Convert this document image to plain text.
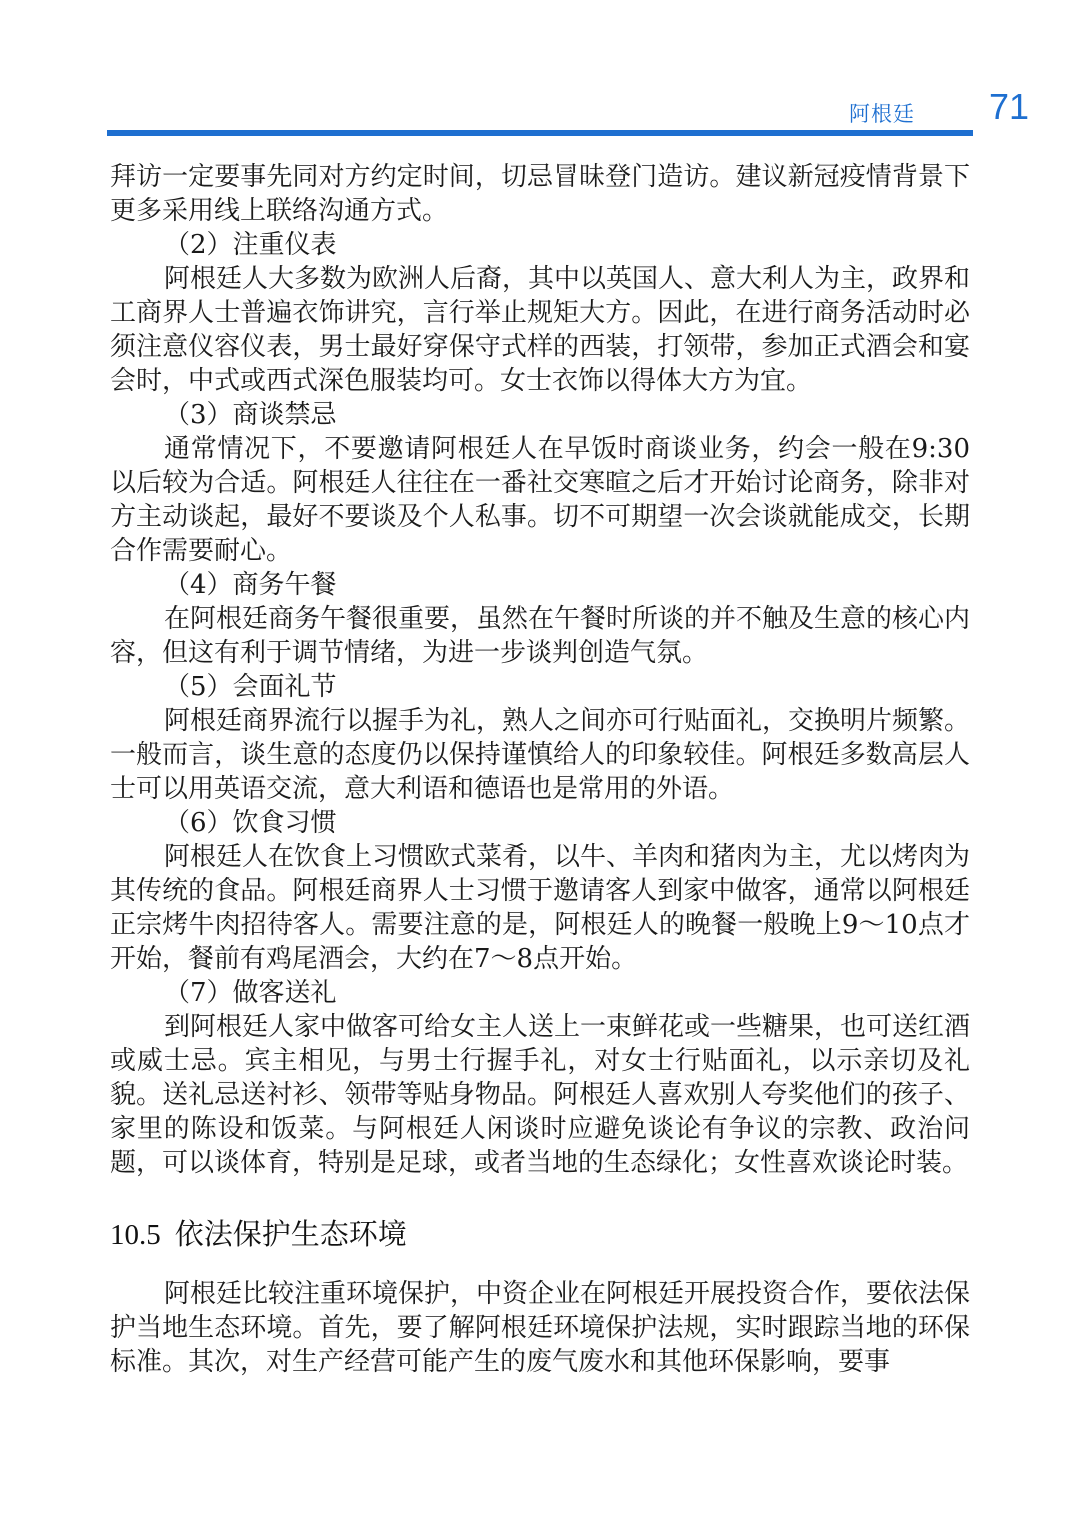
阿根廷 71

拜访一定要事先同对方约定时间，切忌冒昧登门造访。建议新冠疫情背景下更多采用线上联络沟通方式。

（2）注重仪表

阿根廷人大多数为欧洲人后裔，其中以英国人、意大利人为主，政界和工商界人士普遍衣饰讲究，言行举止规矩大方。因此，在进行商务活动时必须注意仪容仪表，男士最好穿保守式样的西装，打领带，参加正式酒会和宴会时，中式或西式深色服装均可。女士衣饰以得体大方为宜。

（3）商谈禁忌

通常情况下，不要邀请阿根廷人在早饭时商谈业务，约会一般在9:30以后较为合适。阿根廷人往往在一番社交寒暄之后才开始讨论商务，除非对方主动谈起，最好不要谈及个人私事。切不可期望一次会谈就能成交，长期合作需要耐心。

（4）商务午餐

在阿根廷商务午餐很重要，虽然在午餐时所谈的并不触及生意的核心内容，但这有利于调节情绪，为进一步谈判创造气氛。

（5）会面礼节

阿根廷商界流行以握手为礼，熟人之间亦可行贴面礼，交换明片频繁。一般而言，谈生意的态度仍以保持谨慎给人的印象较佳。阿根廷多数高层人士可以用英语交流，意大利语和德语也是常用的外语。

（6）饮食习惯

阿根廷人在饮食上习惯欧式菜肴，以牛、羊肉和猪肉为主，尤以烤肉为其传统的食品。阿根廷商界人士习惯于邀请客人到家中做客，通常以阿根廷正宗烤牛肉招待客人。需要注意的是，阿根廷人的晚餐一般晚上9～10点才开始，餐前有鸡尾酒会，大约在7～8点开始。

（7）做客送礼

到阿根廷人家中做客可给女主人送上一束鲜花或一些糖果，也可送红酒或威士忌。宾主相见，与男士行握手礼，对女士行贴面礼，以示亲切及礼貌。送礼忌送衬衫、领带等贴身物品。阿根廷人喜欢别人夸奖他们的孩子、家里的陈设和饭菜。与阿根廷人闲谈时应避免谈论有争议的宗教、政治问题，可以谈体育，特别是足球，或者当地的生态绿化；女性喜欢谈论时装。

10.5 依法保护生态环境

阿根廷比较注重环境保护，中资企业在阿根廷开展投资合作，要依法保护当地生态环境。首先，要了解阿根廷环境保护法规，实时跟踪当地的环保标准。其次，对生产经营可能产生的废气废水和其他环保影响，要事
